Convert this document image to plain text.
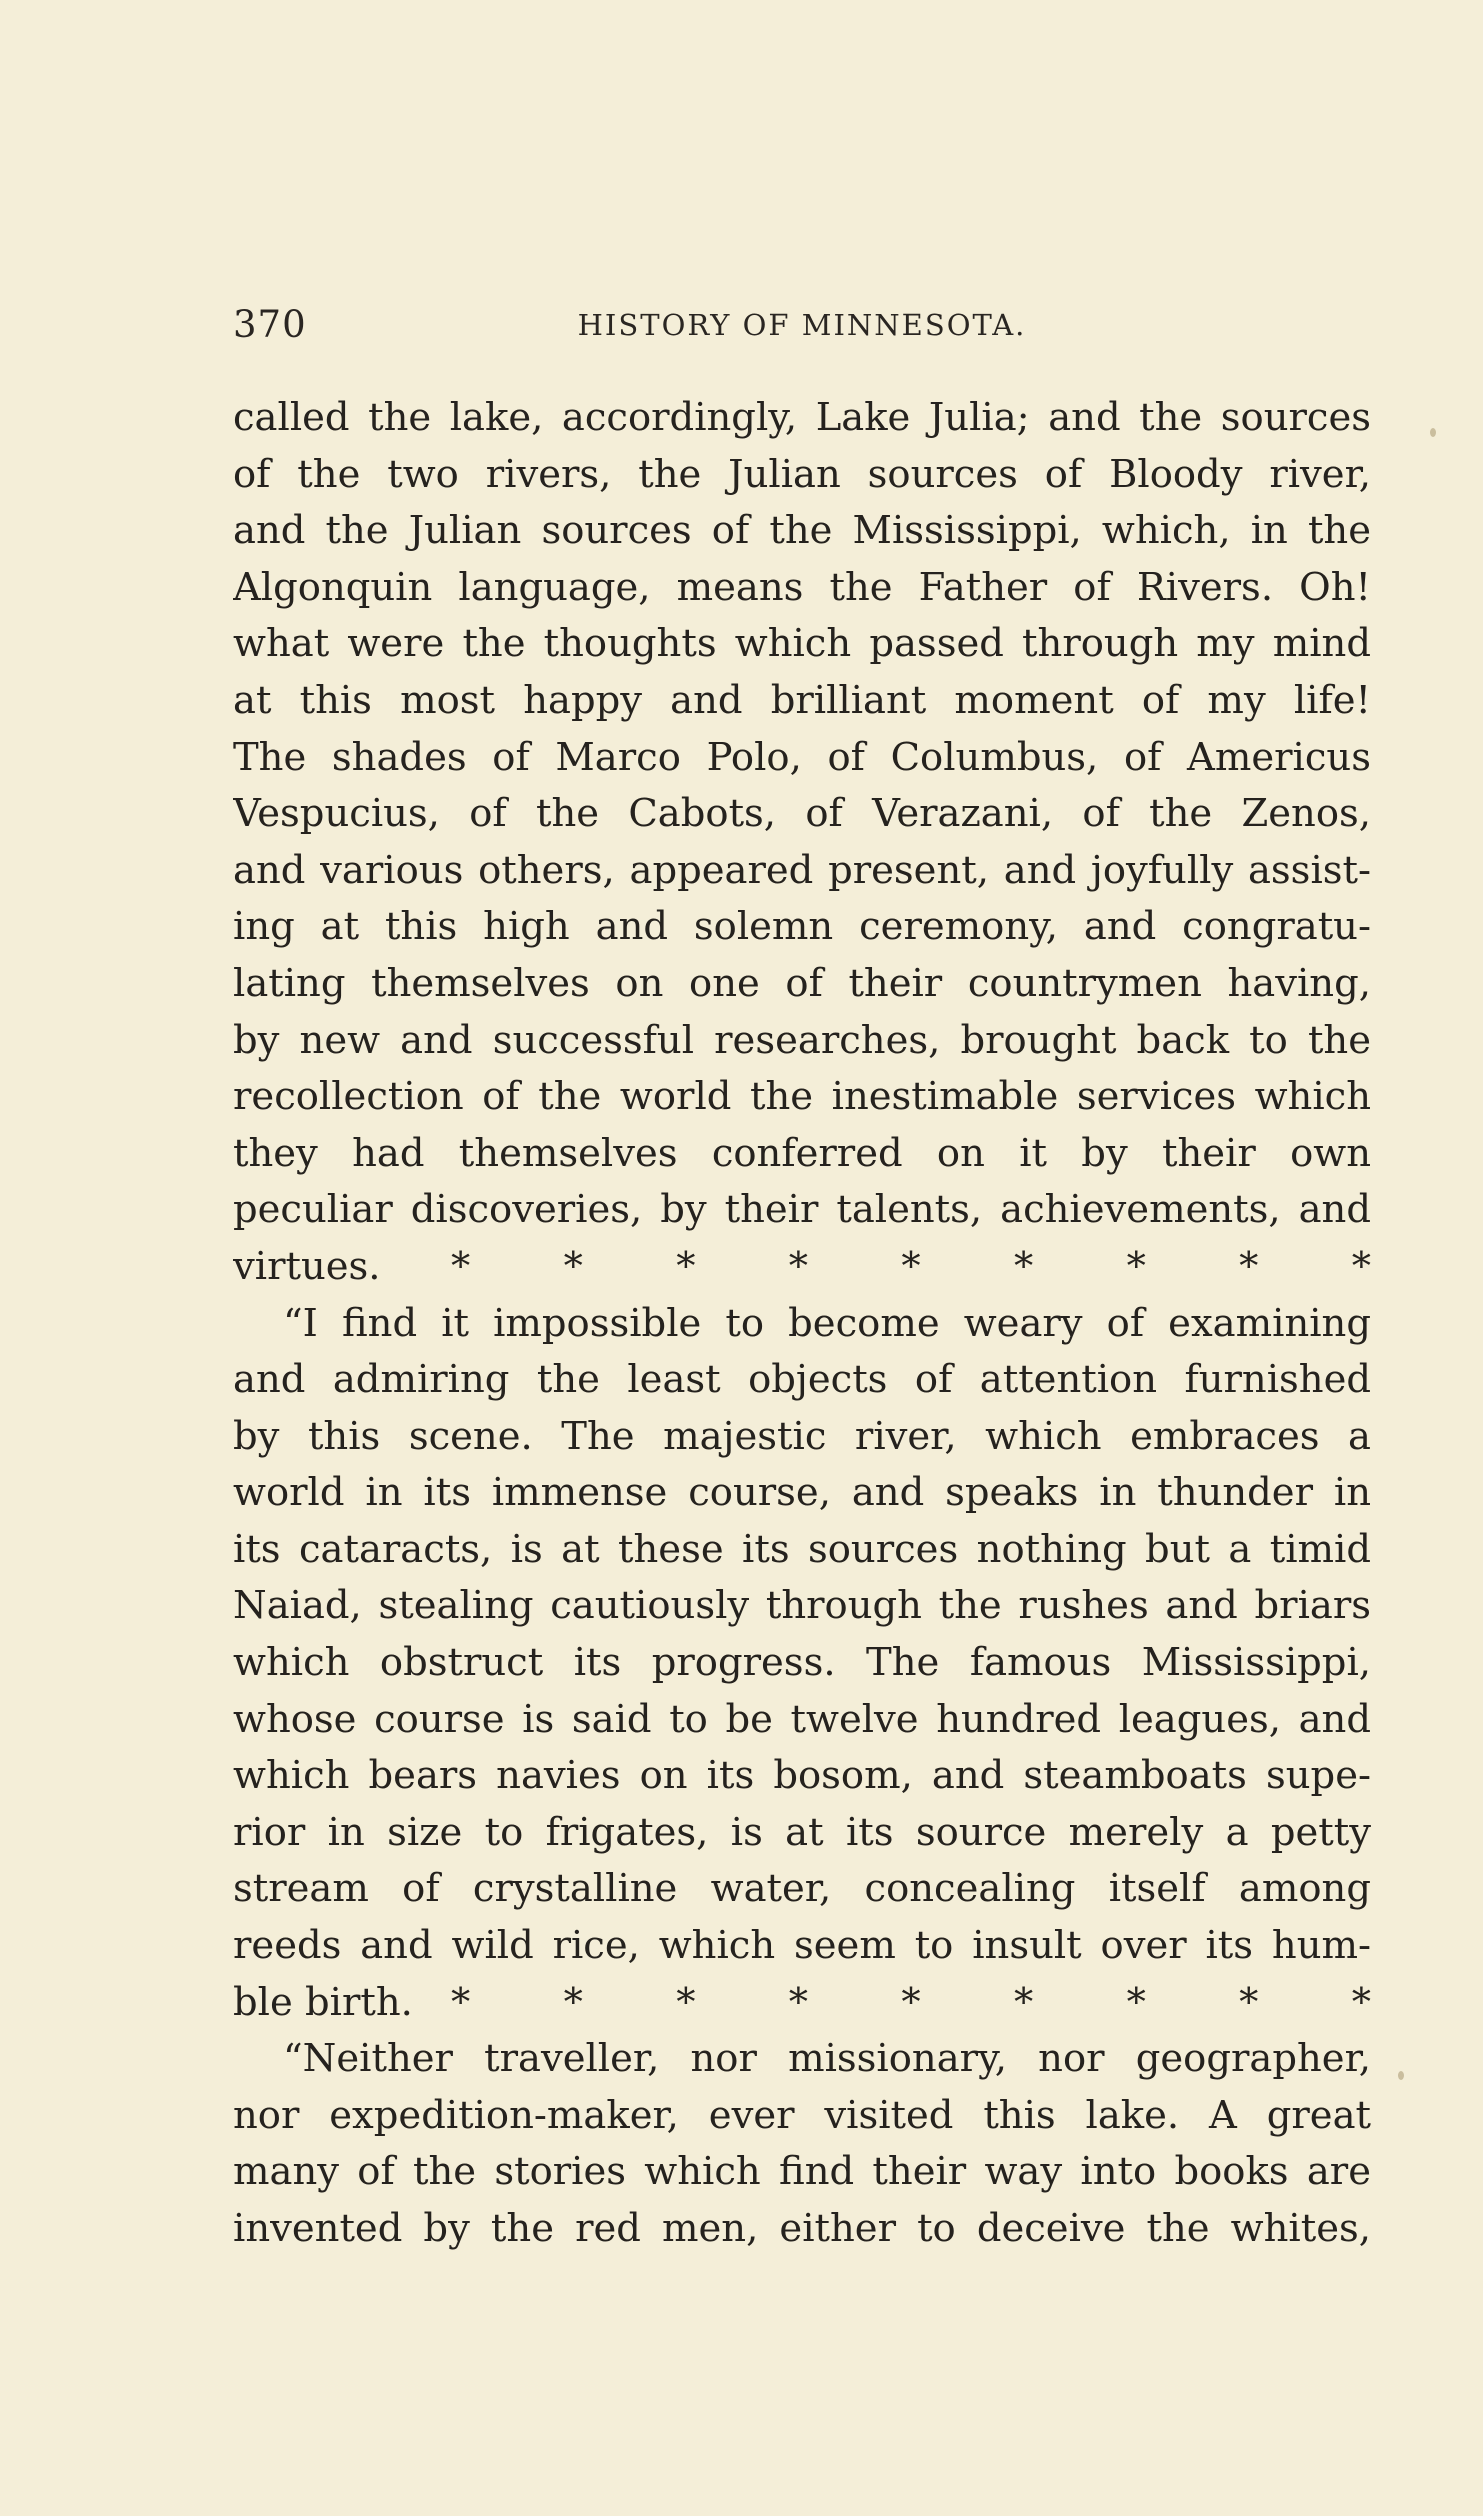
370	HISTORY OF MINNESOTA.
called the lake, accordingly, Lake Julia; and the sources
of the two rivers, the Julian sources of Bloody river,
and the Julian sources of the Mississippi, which, in the
Algonquin language, means the Father of Rivers. Oh!
what were the thoughts which passed through my mind
at this most happy and brilliant moment of my life!
The shades of Marco Polo, of Columbus, of Americus
Vespucius, of the Cabots, of Verazani, of the Zenos,
and various others, appeared present, and joyfully assist-
ing at this high and solemn ceremony, and congratu-
lating themselves on one of their countrymen having,
by new and successful researches, brought back to the
recollection of the world the inestimable services which
they had themselves conferred on it by their own
peculiar discoveries, by their talents, achievements, and
virtues. * * * * * * * * *
“I find it impossible to become weary of examining
and admiring the least objects of attention furnished
by this scene. The majestic river, which embraces a
world in its immense course, and speaks in thunder in
its cataracts, is at these its sources nothing but a timid
Naiad, stealing cautiously through the rushes and briars
which obstruct its progress. The famous Mississippi,
whose course is said to be twelve hundred leagues, and
which bears navies on its bosom, and steamboats supe-
rior in size to frigates, is at its source merely a petty
stream of crystalline water, concealing itself among
reeds and wild rice, which seem to insult over its hum-
ble birth. * * * * * * * * *
“Neither traveller, nor missionary, nor geographer,
nor expedition-maker, ever visited this lake. A great
many of the stories which find their way into books are
invented by the red men, either to deceive the whites,
